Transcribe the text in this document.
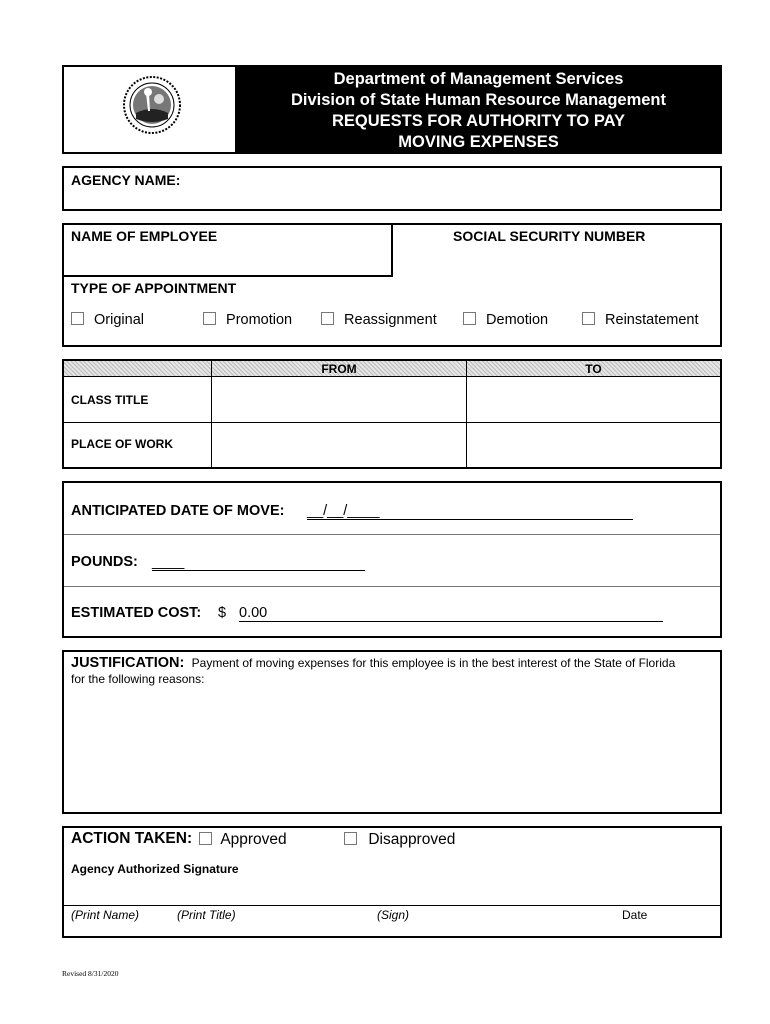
Department of Management Services
Division of State Human Resource Management
REQUESTS FOR AUTHORITY TO PAY
MOVING EXPENSES
AGENCY NAME:
NAME OF EMPLOYEE	SOCIAL SECURITY NUMBER
TYPE OF APPOINTMENT
Original	Promotion	Reassignment	Demotion	Reinstatement
FROM	TO
CLASS TITLE
PLACE OF WORK
ANTICIPATED DATE OF MOVE: __/__/____
POUNDS: ____
ESTIMATED COST: $ 0.00
JUSTIFICATION: Payment of moving expenses for this employee is in the best interest of the State of Florida
for the following reasons:
ACTION TAKEN:	Approved	Disapproved
Agency Authorized Signature
(Print Name)	(Print Title)	(Sign)	Date
Revised 8/31/2020
